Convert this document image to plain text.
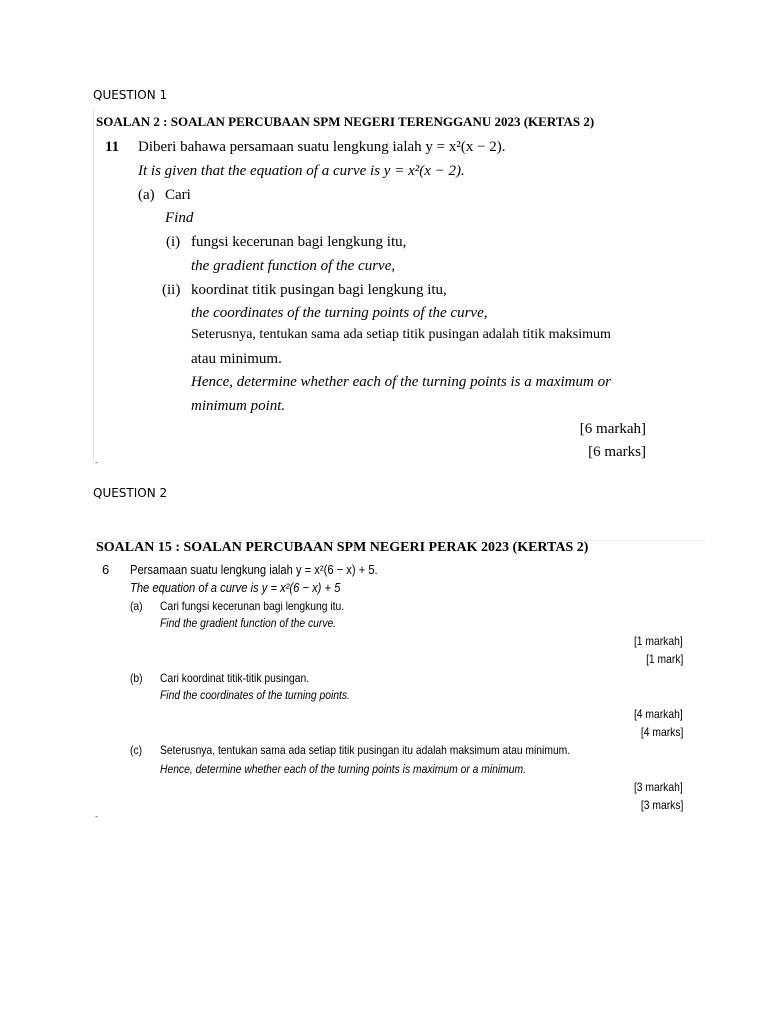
QUESTION 1
SOALAN 2 : SOALAN PERCUBAAN SPM NEGERI TERENGGANU 2023 (KERTAS 2)
11 Diberi bahawa persamaan suatu lengkung ialah y = x²(x − 2).
It is given that the equation of a curve is y = x²(x − 2).
(a) Cari
Find
(i) fungsi kecerunan bagi lengkung itu,
the gradient function of the curve,
(ii) koordinat titik pusingan bagi lengkung itu,
the coordinates of the turning points of the curve,
Seterusnya, tentukan sama ada setiap titik pusingan adalah titik maksimum
atau minimum.
Hence, determine whether each of the turning points is a maximum or
minimum point.
[6 markah]
[6 marks]
-
QUESTION 2
SOALAN 15 : SOALAN PERCUBAAN SPM NEGERI PERAK 2023 (KERTAS 2)
6 Persamaan suatu lengkung ialah y = x²(6 − x) + 5.
The equation of a curve is y = x²(6 − x) + 5
(a) Cari fungsi kecerunan bagi lengkung itu.
Find the gradient function of the curve.
[1 markah]
[1 mark]
(b) Cari koordinat titik-titik pusingan.
Find the coordinates of the turning points.
[4 markah]
[4 marks]
(c) Seterusnya, tentukan sama ada setiap titik pusingan itu adalah maksimum atau minimum.
Hence, determine whether each of the turning points is maximum or a minimum.
[3 markah]
[3 marks]
-
